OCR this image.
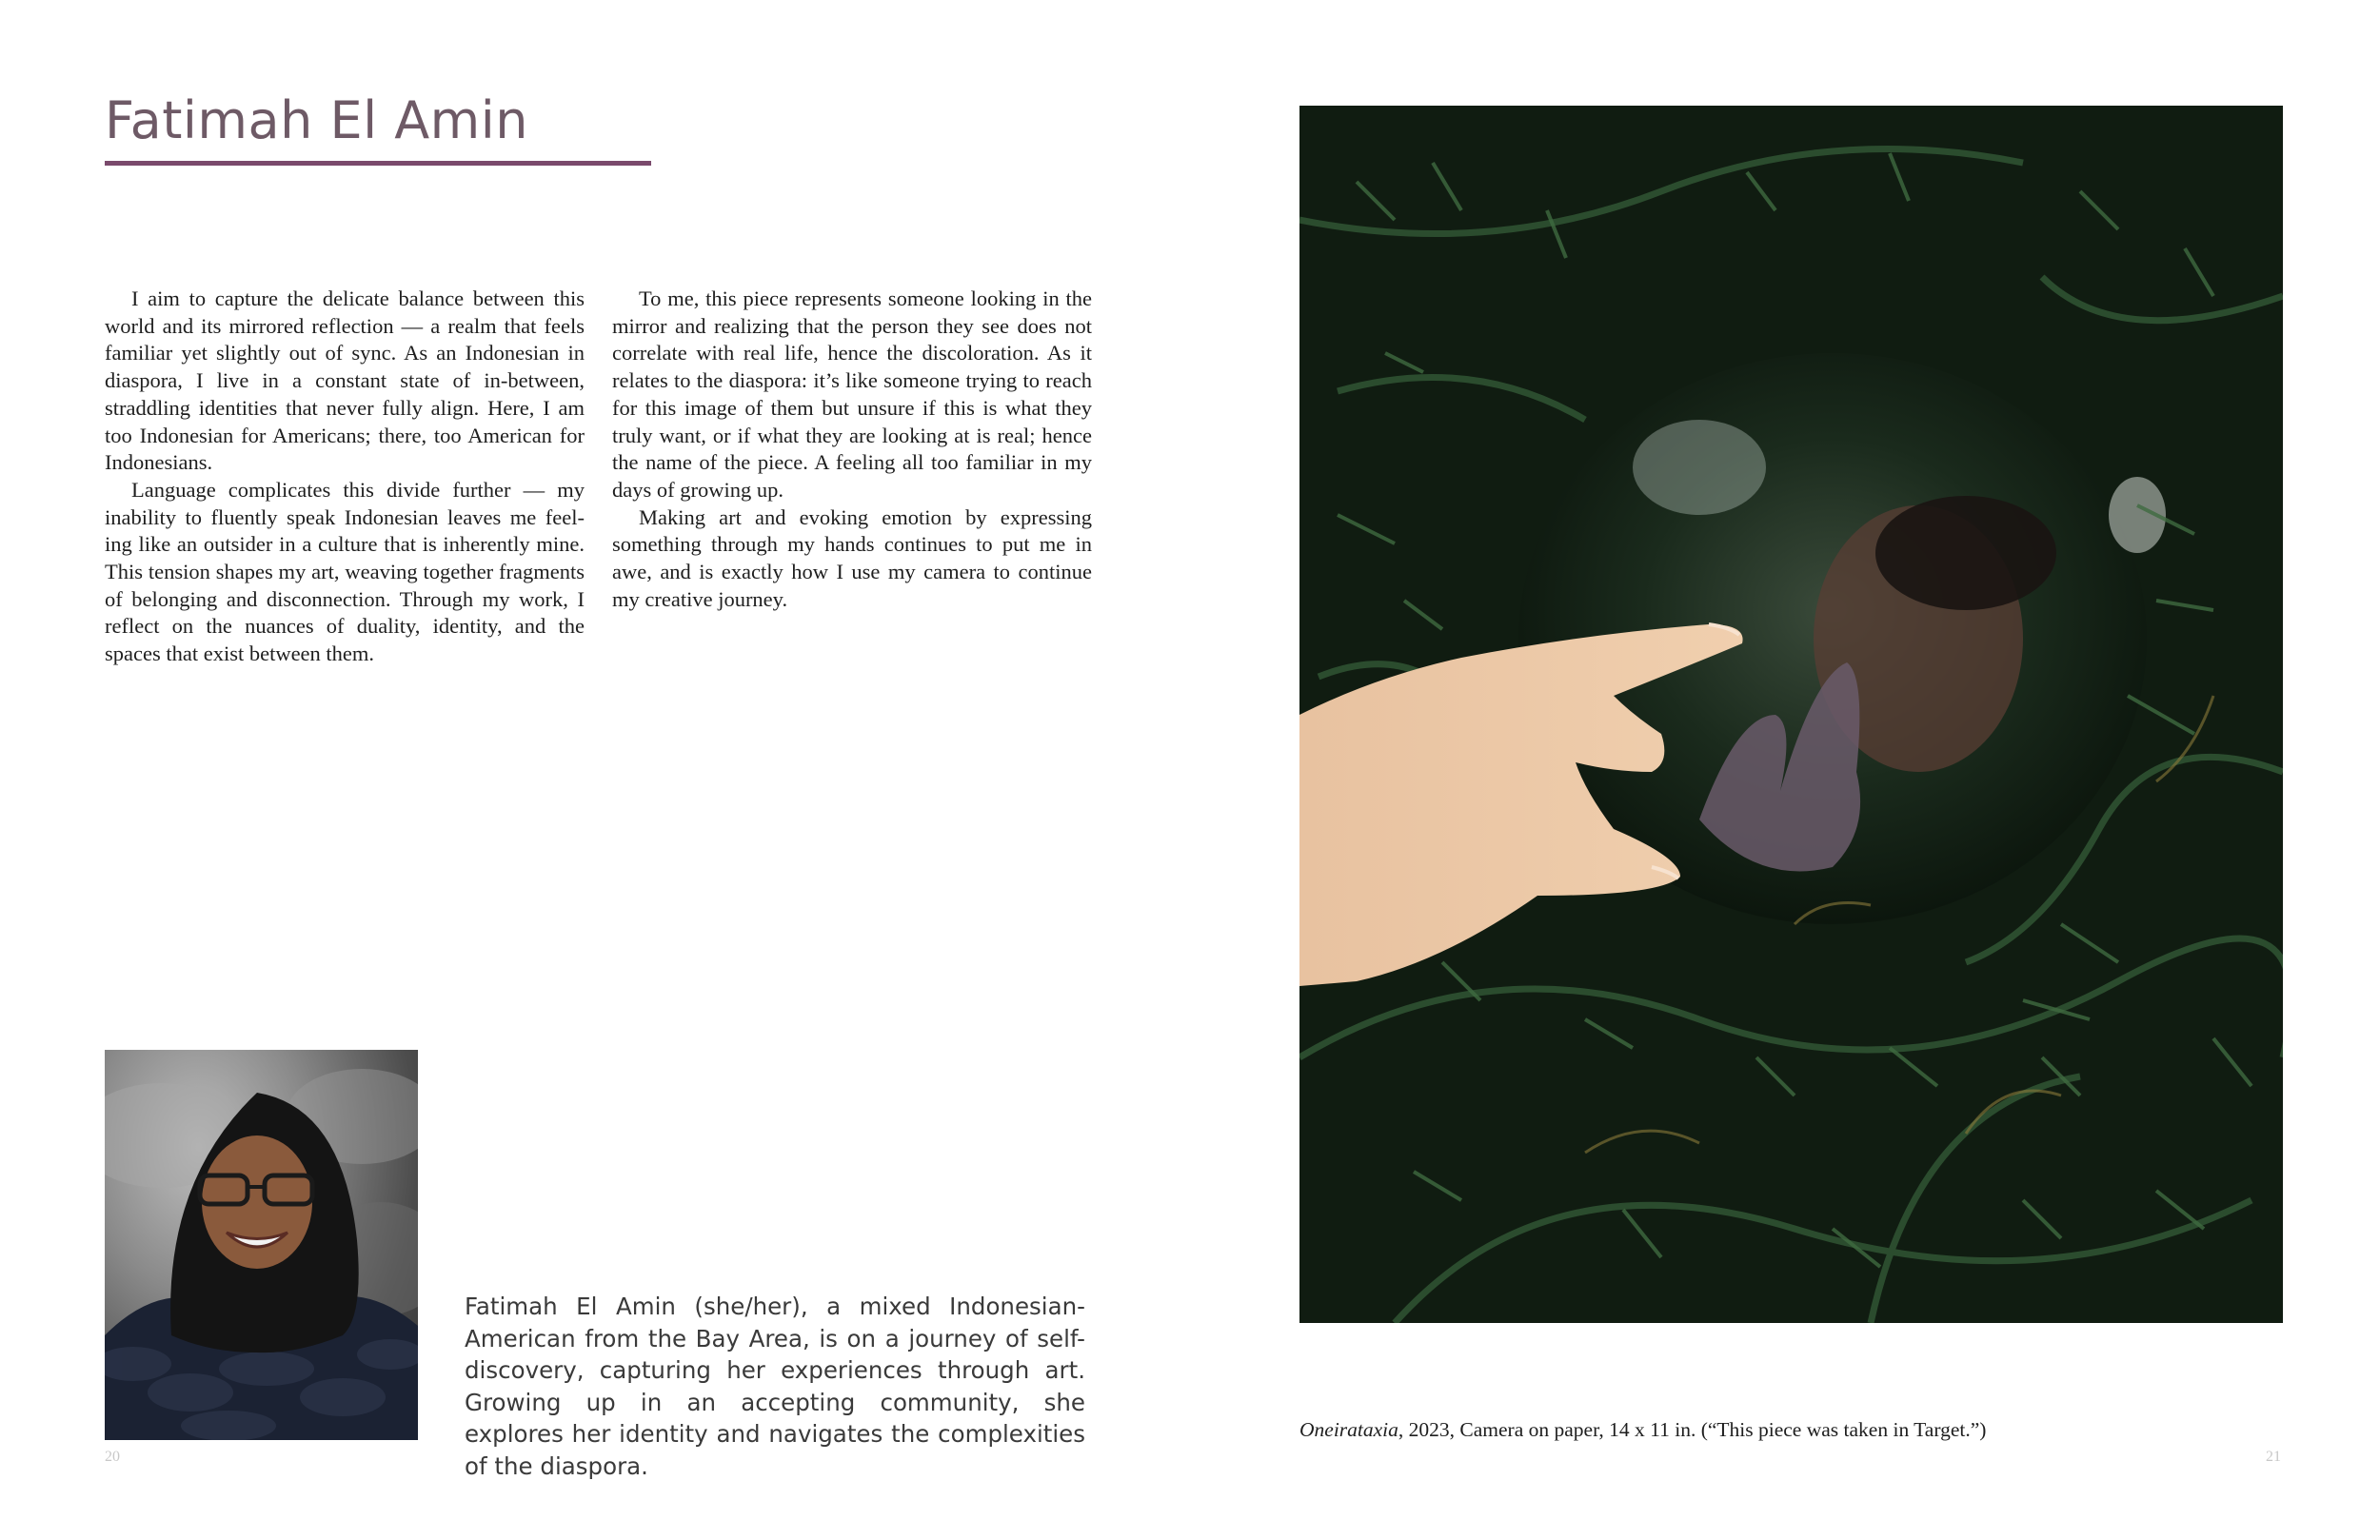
Fatimah El Amin

I aim to capture the delicate balance between this world and its mirrored reflection — a realm that feels familiar yet slightly out of sync. As an Indonesian in diaspora, I live in a constant state of in-between, straddling identities that never fully align. Here, I am too Indonesian for Americans; there, too American for Indonesians.

Language complicates this divide further — my inability to fluently speak Indonesian leaves me feel-ing like an outsider in a culture that is inherently mine. This tension shapes my art, weaving together fragments of belonging and disconnection. Through my work, I reflect on the nuances of duality, identity, and the spaces that exist between them.

To me, this piece represents someone looking in the mirror and realizing that the person they see does not correlate with real life, hence the discoloration. As it relates to the diaspora: it’s like someone trying to reach for this image of them but unsure if this is what they truly want, or if what they are looking at is real; hence the name of the piece. A feeling all too familiar in my days of growing up.

Making art and evoking emotion by expressing something through my hands continues to put me in awe, and is exactly how I use my camera to continue my creative journey.

Fatimah El Amin (she/her), a mixed Indonesian-American from the Bay Area, is on a journey of self-discovery, capturing her experiences through art. Growing up in an accepting community, she explores her identity and navigates the complexities of the diaspora.
20
Oneirataxia, 2023, Camera on paper, 14 x 11 in. (“This piece was taken in Target.”)
21
